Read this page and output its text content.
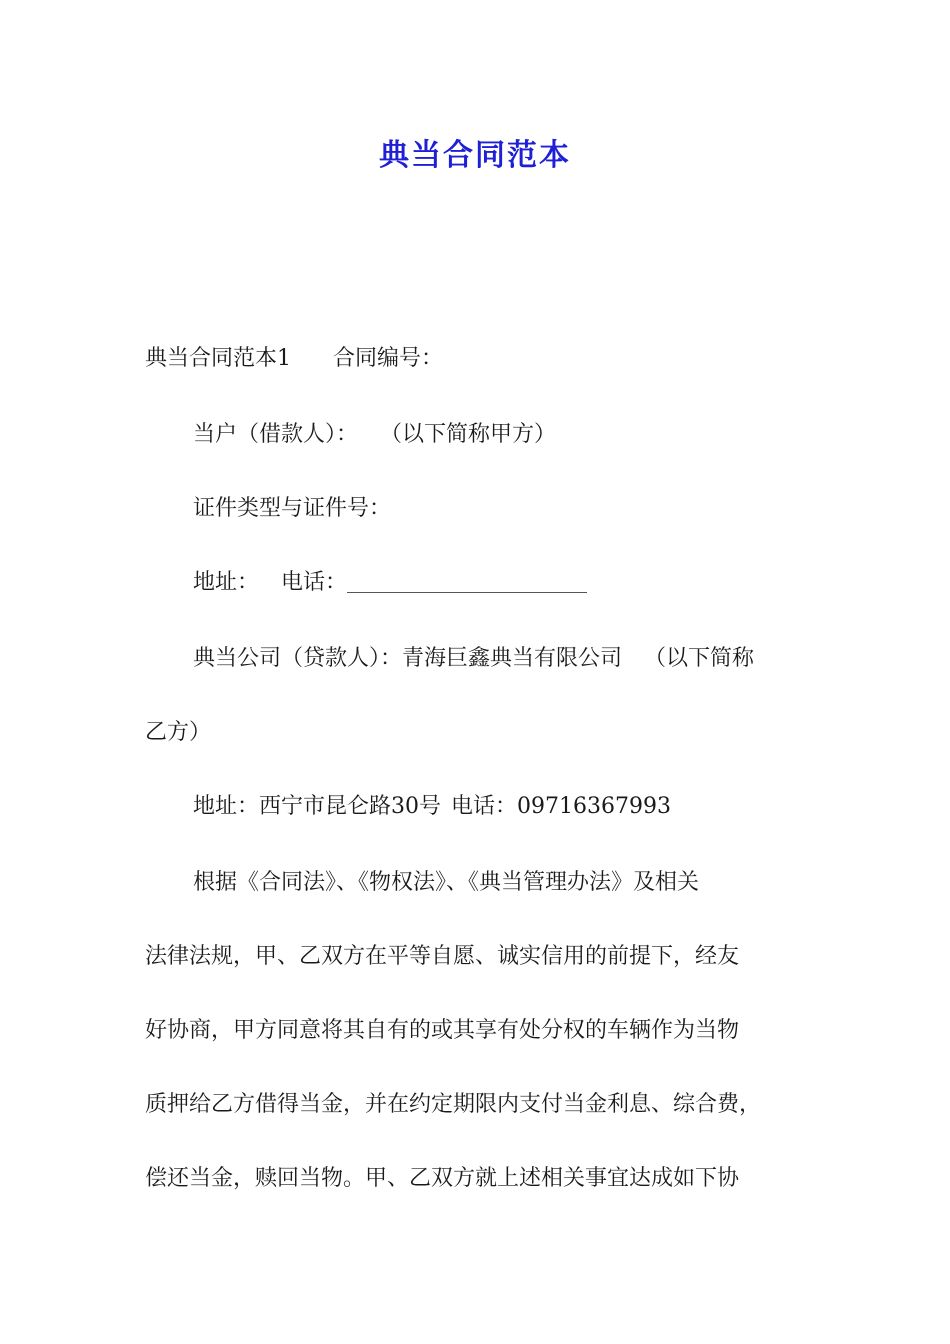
典当合同范本
典当合同范本1 合同编号：
当户（借款人）： （以下简称甲方）
证件类型与证件号：
地址： 电话：
典当公司（贷款人）：青海巨鑫典当有限公司 （以下简称
乙方）
地址：西宁市昆仑路30号 电话：09716367993
根据《合同法》、《物权法》、《典当管理办法》及相关
法律法规，甲、乙双方在平等自愿、诚实信用的前提下，经友
好协商，甲方同意将其自有的或其享有处分权的车辆作为当物
质押给乙方借得当金，并在约定期限内支付当金利息、综合费，
偿还当金，赎回当物。甲、乙双方就上述相关事宜达成如下协
